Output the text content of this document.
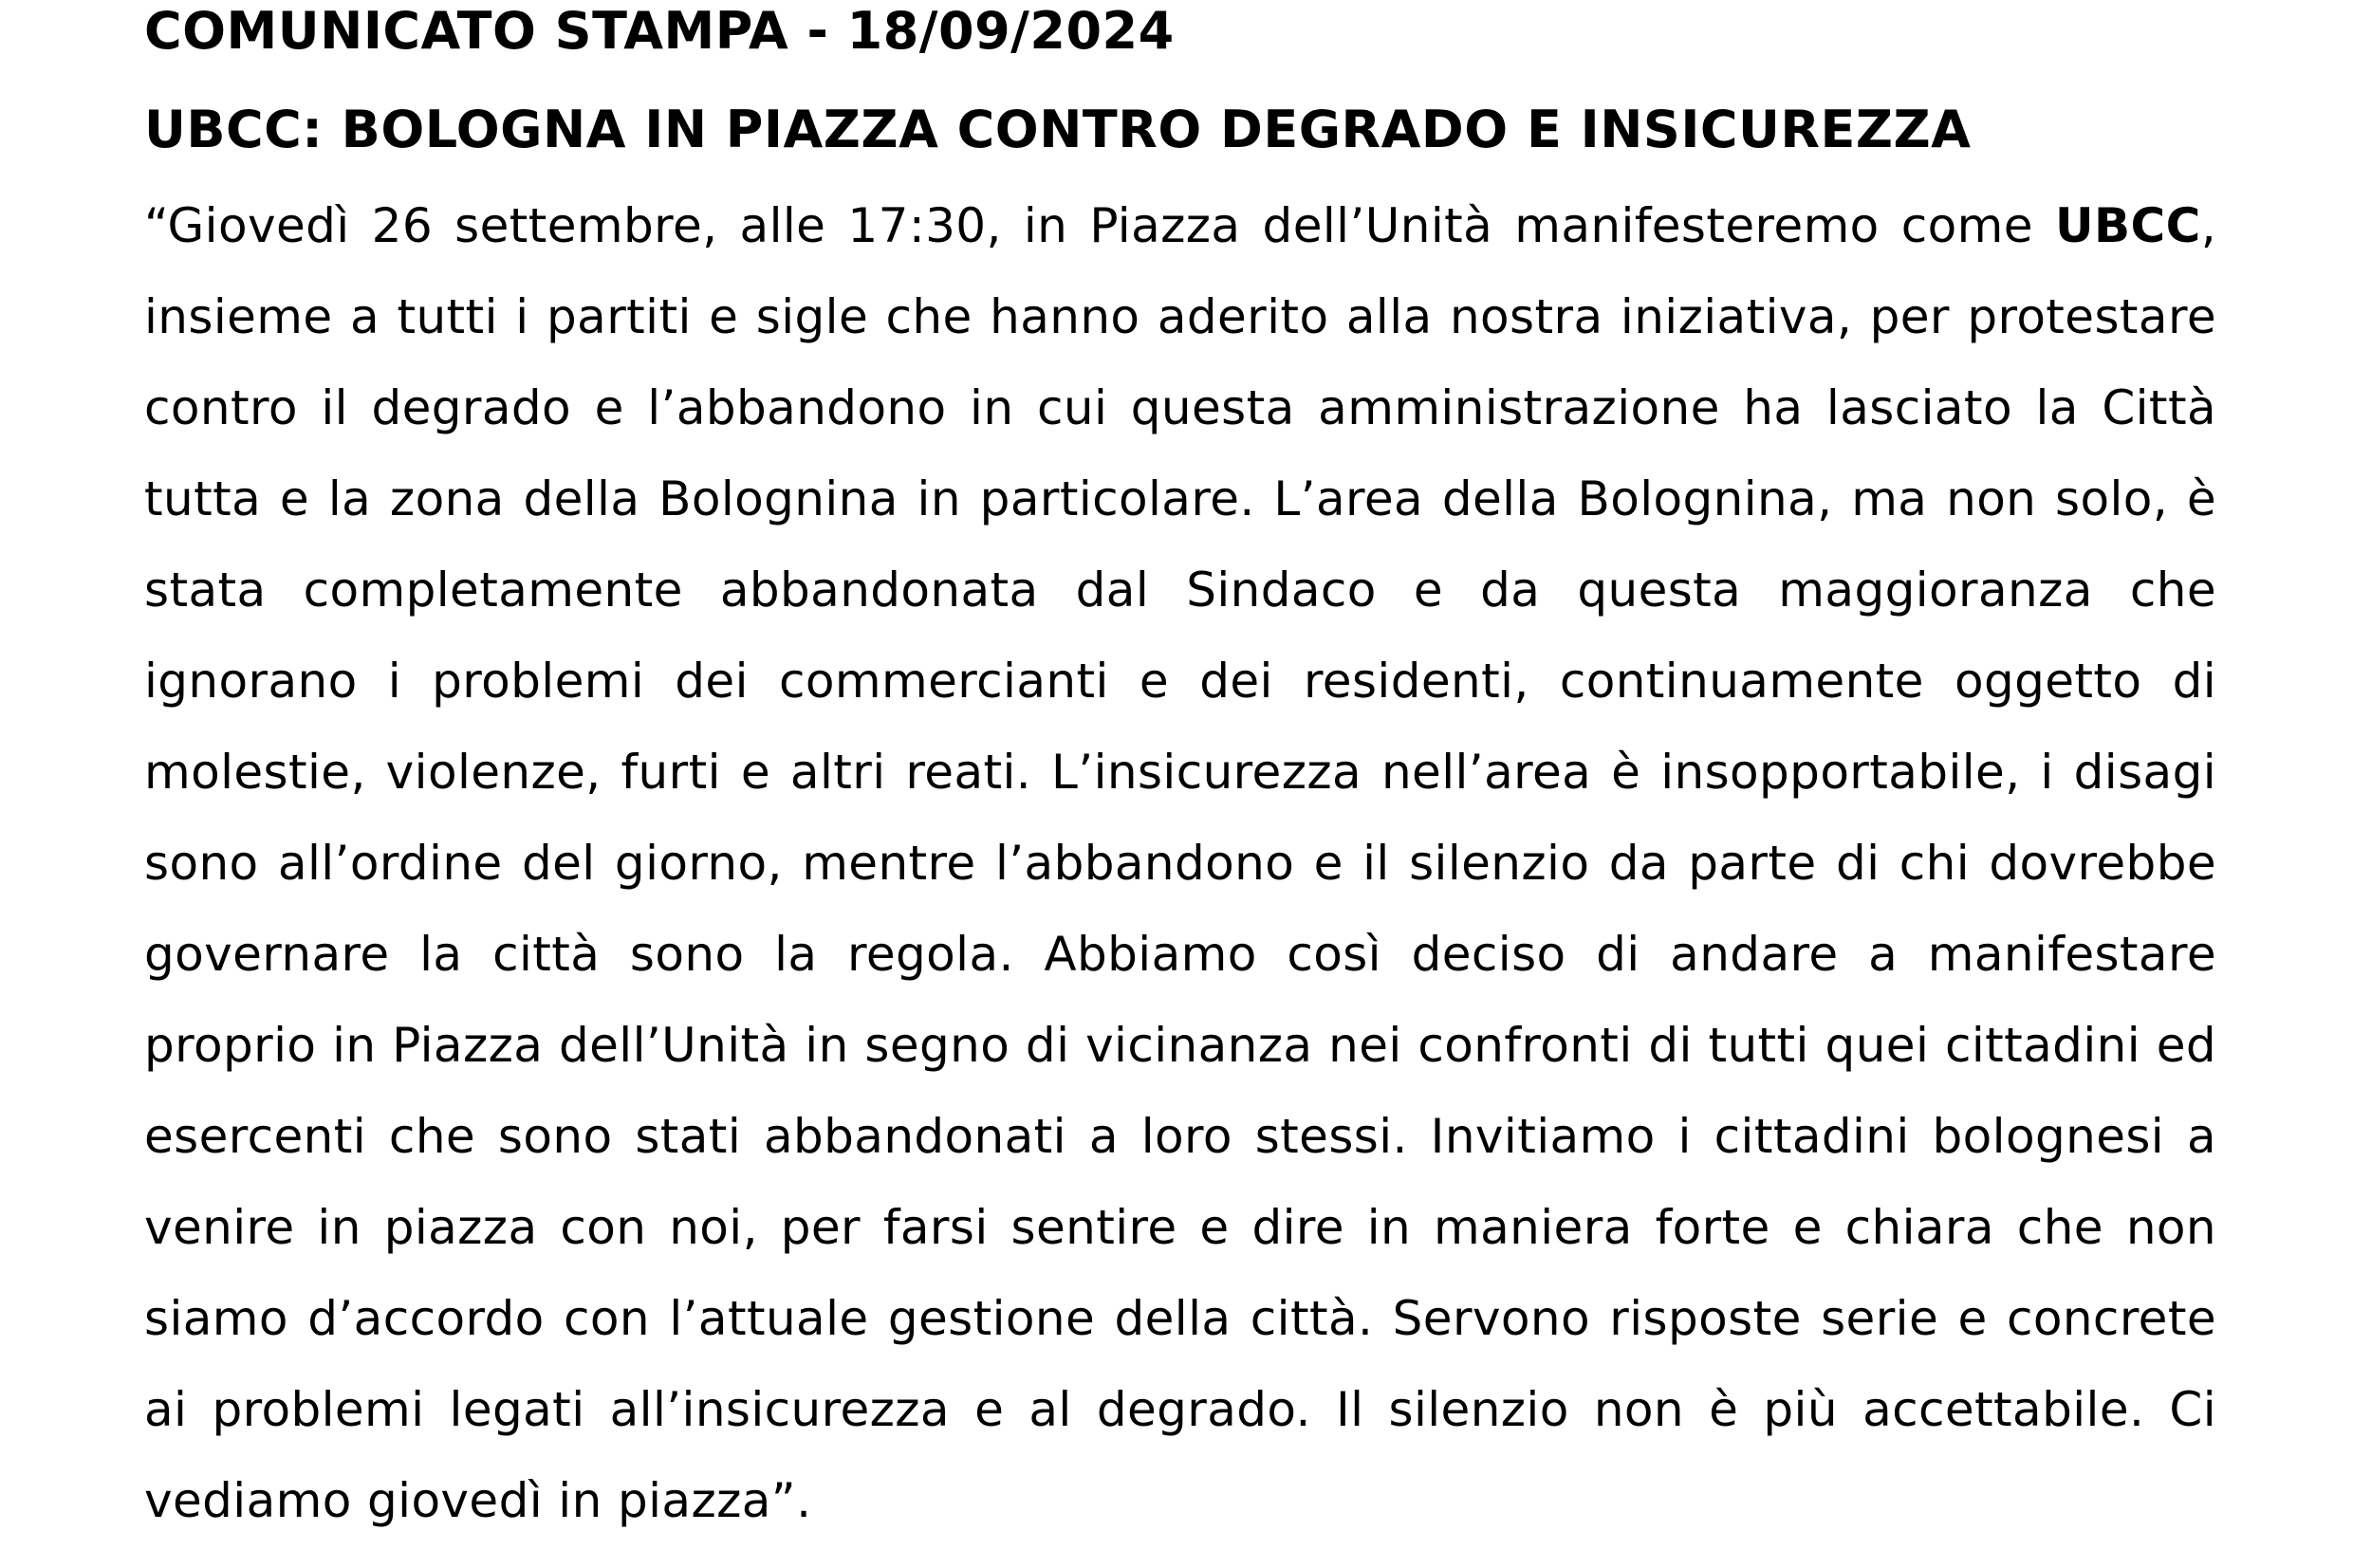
COMUNICATO STAMPA - 18/09/2024
UBCC: BOLOGNA IN PIAZZA CONTRO DEGRADO E INSICUREZZA

“Giovedì 26 settembre, alle 17:30, in Piazza dell’Unità manifesteremo come UBCC, insieme a tutti i partiti e sigle che hanno aderito alla nostra iniziativa, per protestare contro il degrado e l’abbandono in cui questa amministrazione ha lasciato la Città tutta e la zona della Bolognina in particolare. L’area della Bolognina, ma non solo, è stata completamente abbandonata dal Sindaco e da questa maggioranza che ignorano i problemi dei commercianti e dei residenti, continuamente oggetto di molestie, violenze, furti e altri reati. L’insicurezza nell’area è insopportabile, i disagi sono all’ordine del giorno, mentre l’abbandono e il silenzio da parte di chi dovrebbe governare la città sono la regola. Abbiamo così deciso di andare a manifestare proprio in Piazza dell’Unità in segno di vicinanza nei confronti di tutti quei cittadini ed esercenti che sono stati abbandonati a loro stessi. Invitiamo i cittadini bolognesi a venire in piazza con noi, per farsi sentire e dire in maniera forte e chiara che non siamo d’accordo con l’attuale gestione della città. Servono risposte serie e concrete ai problemi legati all’insicurezza e al degrado. Il silenzio non è più accettabile. Ci vediamo giovedì in piazza”.
